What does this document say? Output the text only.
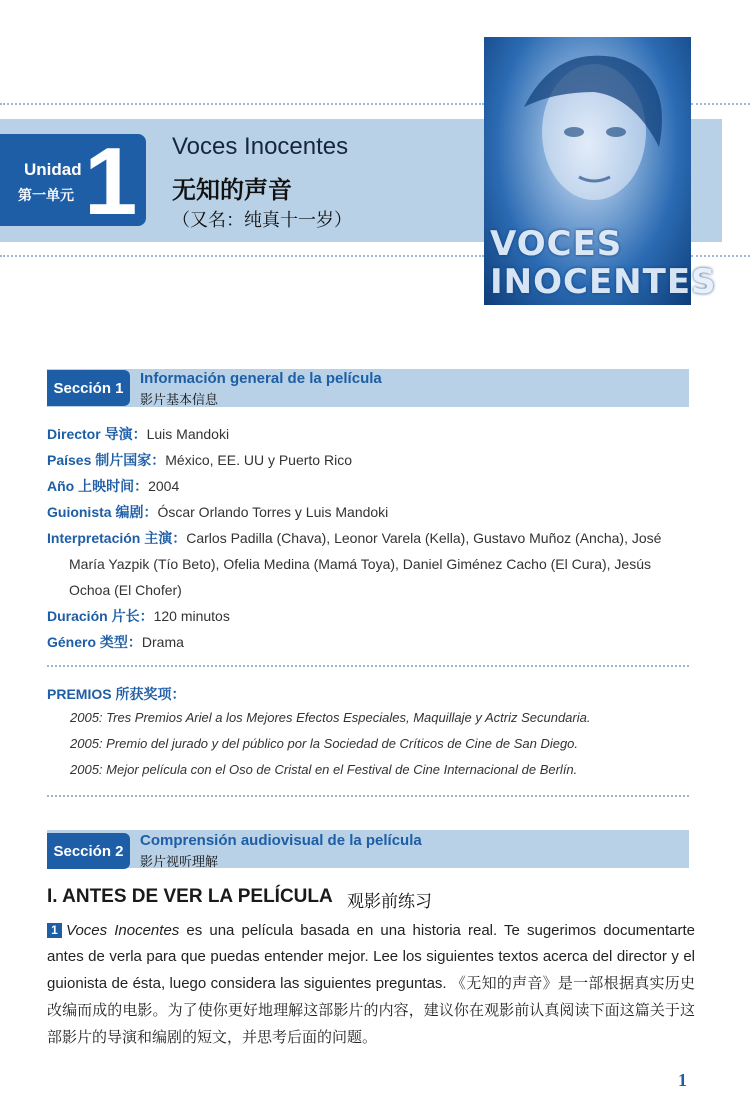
Unidad
第一单元 1 Voces Inocentes
无知的声音
（又名：纯真十一岁）
VOCES
INOCENTES
Sección 1
Información general de la película
影片基本信息
Director 导演：Luis Mandoki
Países 制片国家：México, EE. UU y Puerto Rico
Año 上映时间：2004
Guionista 编剧：Óscar Orlando Torres y Luis Mandoki
Interpretación 主演：Carlos Padilla (Chava), Leonor Varela (Kella), Gustavo Muñoz (Ancha), José
María Yazpik (Tío Beto), Ofelia Medina (Mamá Toya), Daniel Giménez Cacho (El Cura), Jesús
Ochoa (El Chofer)
Duración 片长：120 minutos
Género 类型：Drama
PREMIOS 所获奖项：
2005: Tres Premios Ariel a los Mejores Efectos Especiales, Maquillaje y Actriz Secundaria.
2005: Premio del jurado y del público por la Sociedad de Críticos de Cine de San Diego.
2005: Mejor película con el Oso de Cristal en el Festival de Cine Internacional de Berlín.
Sección 2
Comprensión audiovisual de la película
影片视听理解
I. ANTES DE VER LA PELÍCULA 观影前练习
1 Voces Inocentes es una película basada en una historia real. Te sugerimos documentarte antes de verla para que puedas entender mejor. Lee los siguientes textos acerca del director y el guionista de ésta, luego considera las siguientes preguntas. 《无知的声音》是一部根据真实历史改编而成的电影。为了使你更好地理解这部影片的内容，建议你在观影前认真阅读下面这篇关于这部影片的导演和编剧的短文，并思考后面的问题。
1
